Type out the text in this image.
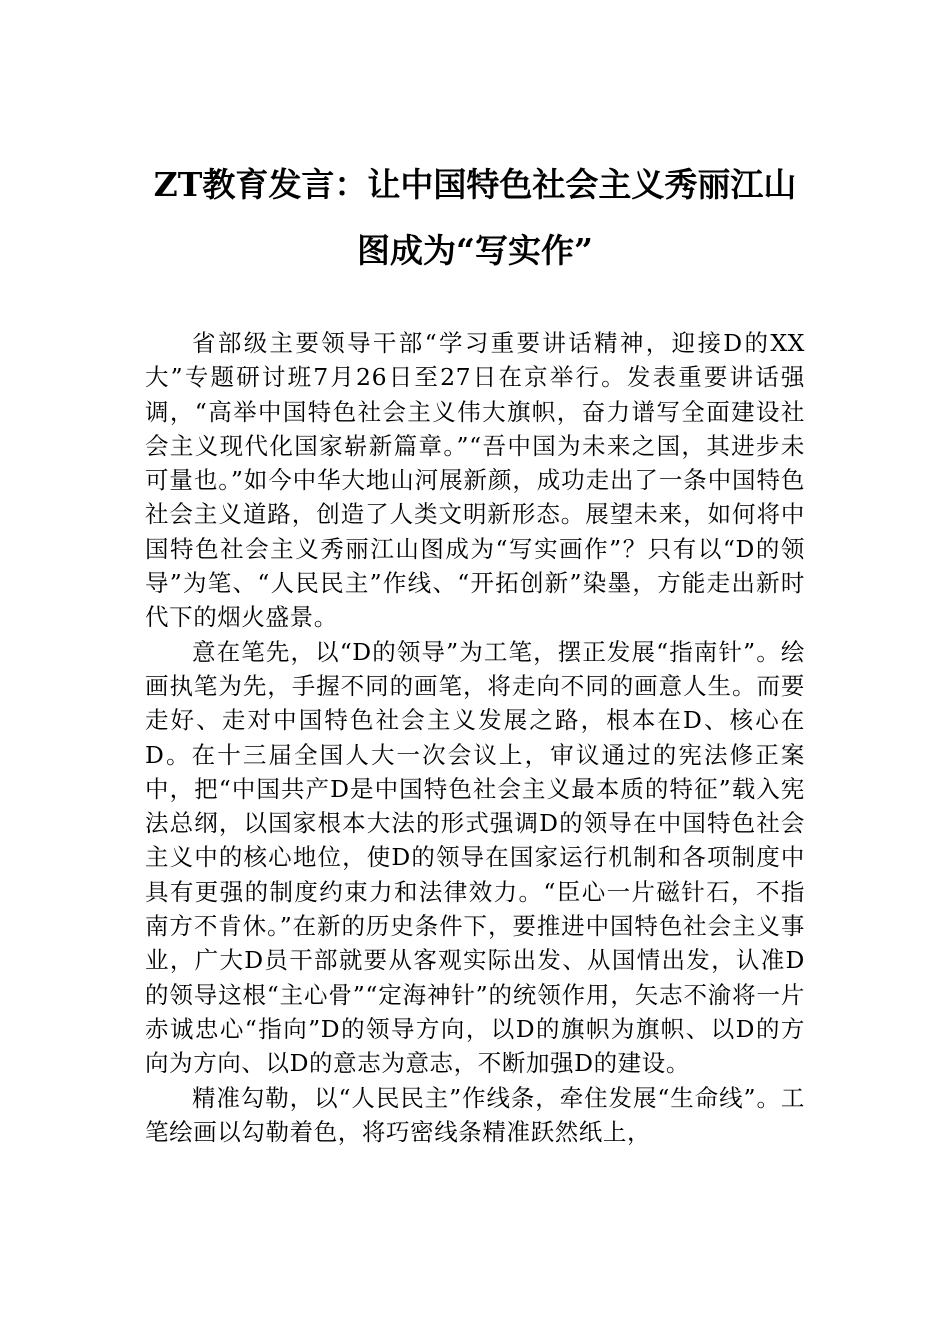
ZT教育发言：让中国特色社会主义秀丽江山图成为“写实作”

省部级主要领导干部“学习重要讲话精神，迎接D的XX大”专题研讨班7月26日至27日在京举行。发表重要讲话强调，“高举中国特色社会主义伟大旗帜，奋力谱写全面建设社会主义现代化国家崭新篇章。”“吾中国为未来之国，其进步未可量也。”如今中华大地山河展新颜，成功走出了一条中国特色社会主义道路，创造了人类文明新形态。展望未来，如何将中国特色社会主义秀丽江山图成为“写实画作”？只有以“D的领导”为笔、“人民民主”作线、“开拓创新”染墨，方能走出新时代下的烟火盛景。

意在笔先，以“D的领导”为工笔，摆正发展“指南针”。绘画执笔为先，手握不同的画笔，将走向不同的画意人生。而要走好、走对中国特色社会主义发展之路，根本在D、核心在D。在十三届全国人大一次会议上，审议通过的宪法修正案中，把“中国共产D是中国特色社会主义最本质的特征”载入宪法总纲，以国家根本大法的形式强调D的领导在中国特色社会主义中的核心地位，使D的领导在国家运行机制和各项制度中具有更强的制度约束力和法律效力。“臣心一片磁针石，不指南方不肯休。”在新的历史条件下，要推进中国特色社会主义事业，广大D员干部就要从客观实际出发、从国情出发，认准D的领导这根“主心骨”“定海神针”的统领作用，矢志不渝将一片赤诚忠心“指向”D的领导方向，以D的旗帜为旗帜、以D的方向为方向、以D的意志为意志，不断加强D的建设。

精准勾勒，以“人民民主”作线条，牵住发展“生命线”。工笔绘画以勾勒着色，将巧密线条精准跃然纸上，
